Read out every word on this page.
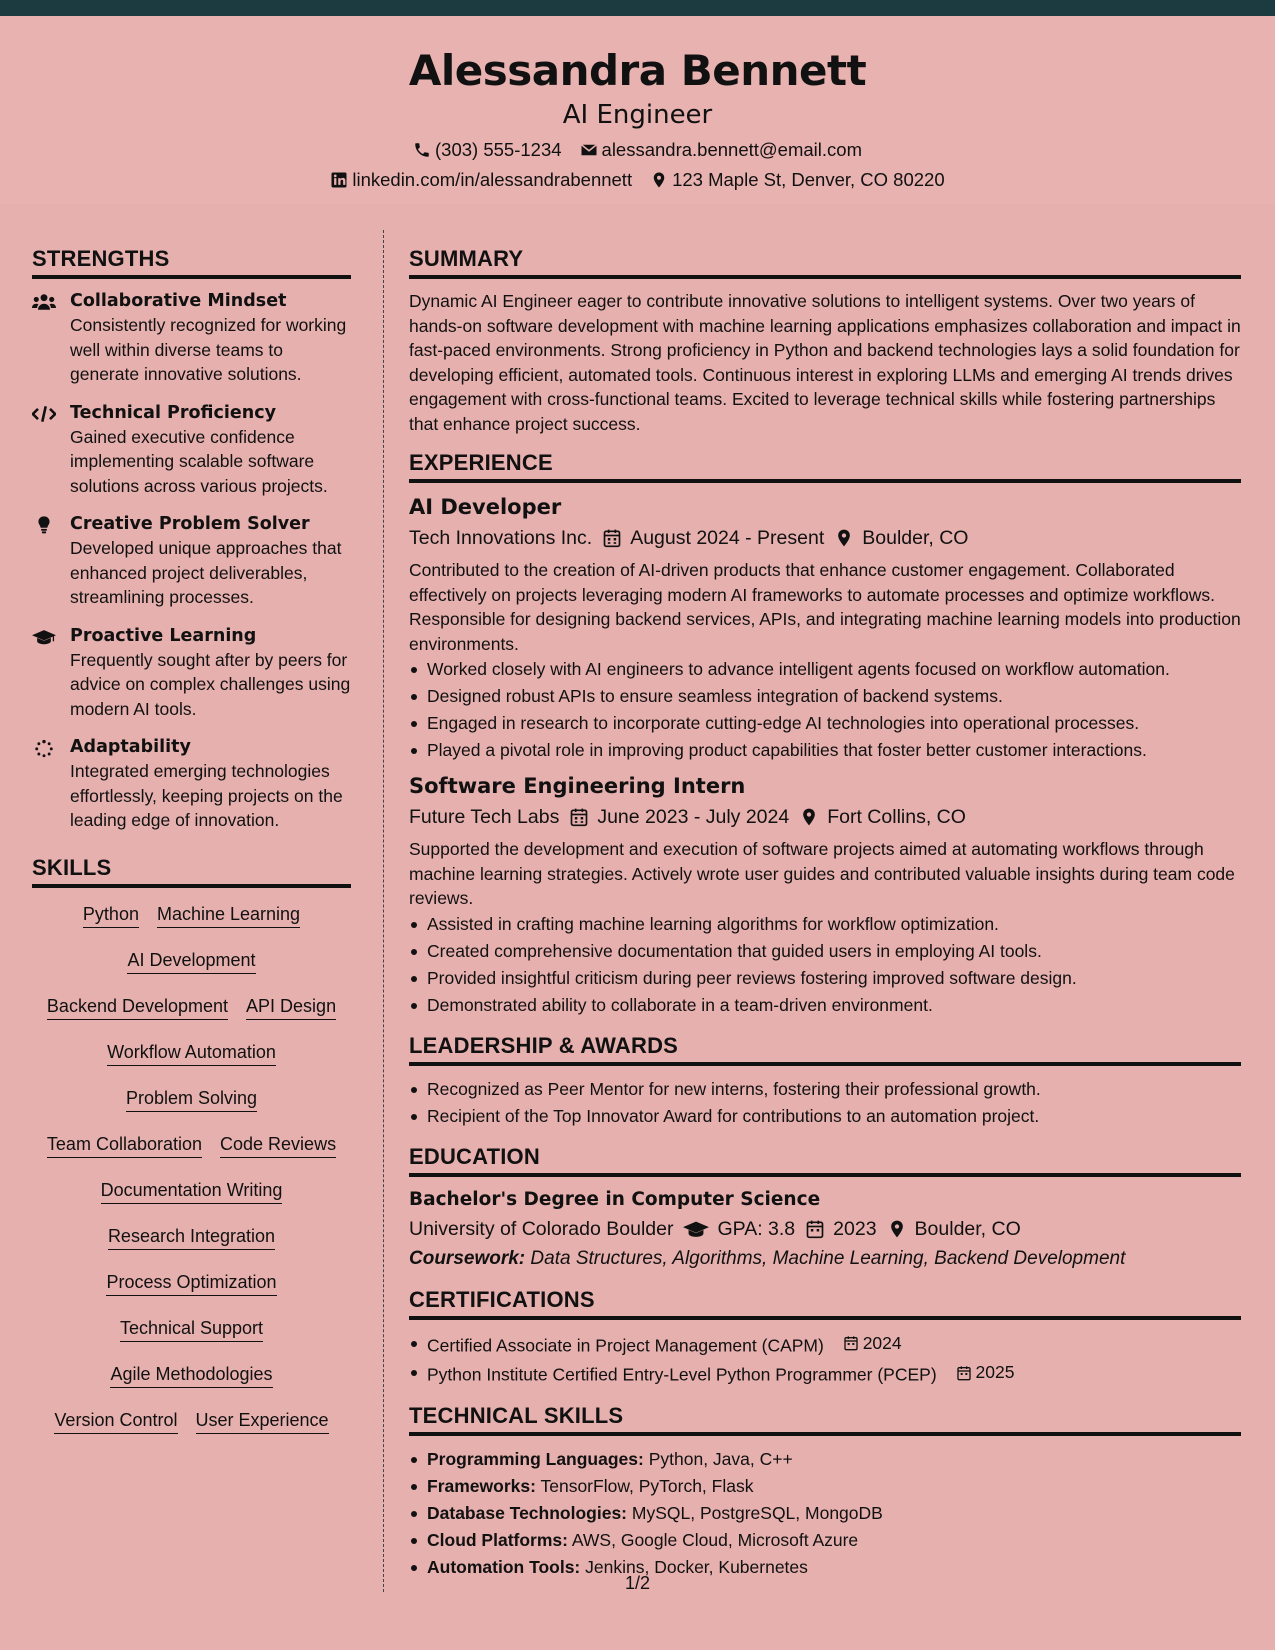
Alessandra Bennett
AI Engineer
(303) 555-1234 alessandra.bennett@email.com
linkedin.com/in/alessandrabennett 123 Maple St, Denver, CO 80220
STRENGTHS
Collaborative Mindset
Consistently recognized for working well within diverse teams to generate innovative solutions.
Technical Proficiency
Gained executive confidence implementing scalable software solutions across various projects.
Creative Problem Solver
Developed unique approaches that enhanced project deliverables, streamlining processes.
Proactive Learning
Frequently sought after by peers for advice on complex challenges using modern AI tools.
Adaptability
Integrated emerging technologies effortlessly, keeping projects on the leading edge of innovation.
SKILLS
Python Machine Learning
AI Development
Backend Development API Design
Workflow Automation
Problem Solving
Team Collaboration Code Reviews
Documentation Writing
Research Integration
Process Optimization
Technical Support
Agile Methodologies
Version Control User Experience
SUMMARY
Dynamic AI Engineer eager to contribute innovative solutions to intelligent systems. Over two years of hands-on software development with machine learning applications emphasizes collaboration and impact in fast-paced environments. Strong proficiency in Python and backend technologies lays a solid foundation for developing efficient, automated tools. Continuous interest in exploring LLMs and emerging AI trends drives engagement with cross-functional teams. Excited to leverage technical skills while fostering partnerships that enhance project success.
EXPERIENCE
AI Developer
Tech Innovations Inc. August 2024 - Present Boulder, CO
Contributed to the creation of AI-driven products that enhance customer engagement. Collaborated effectively on projects leveraging modern AI frameworks to automate processes and optimize workflows. Responsible for designing backend services, APIs, and integrating machine learning models into production environments.
Worked closely with AI engineers to advance intelligent agents focused on workflow automation.
Designed robust APIs to ensure seamless integration of backend systems.
Engaged in research to incorporate cutting-edge AI technologies into operational processes.
Played a pivotal role in improving product capabilities that foster better customer interactions.
Software Engineering Intern
Future Tech Labs June 2023 - July 2024 Fort Collins, CO
Supported the development and execution of software projects aimed at automating workflows through machine learning strategies. Actively wrote user guides and contributed valuable insights during team code reviews.
Assisted in crafting machine learning algorithms for workflow optimization.
Created comprehensive documentation that guided users in employing AI tools.
Provided insightful criticism during peer reviews fostering improved software design.
Demonstrated ability to collaborate in a team-driven environment.
LEADERSHIP & AWARDS
Recognized as Peer Mentor for new interns, fostering their professional growth.
Recipient of the Top Innovator Award for contributions to an automation project.
EDUCATION
Bachelor's Degree in Computer Science
University of Colorado Boulder GPA: 3.8 2023 Boulder, CO
Coursework: Data Structures, Algorithms, Machine Learning, Backend Development
CERTIFICATIONS
Certified Associate in Project Management (CAPM) 2024
Python Institute Certified Entry-Level Python Programmer (PCEP) 2025
TECHNICAL SKILLS
Programming Languages: Python, Java, C++
Frameworks: TensorFlow, PyTorch, Flask
Database Technologies: MySQL, PostgreSQL, MongoDB
Cloud Platforms: AWS, Google Cloud, Microsoft Azure
Automation Tools: Jenkins, Docker, Kubernetes
1/2
